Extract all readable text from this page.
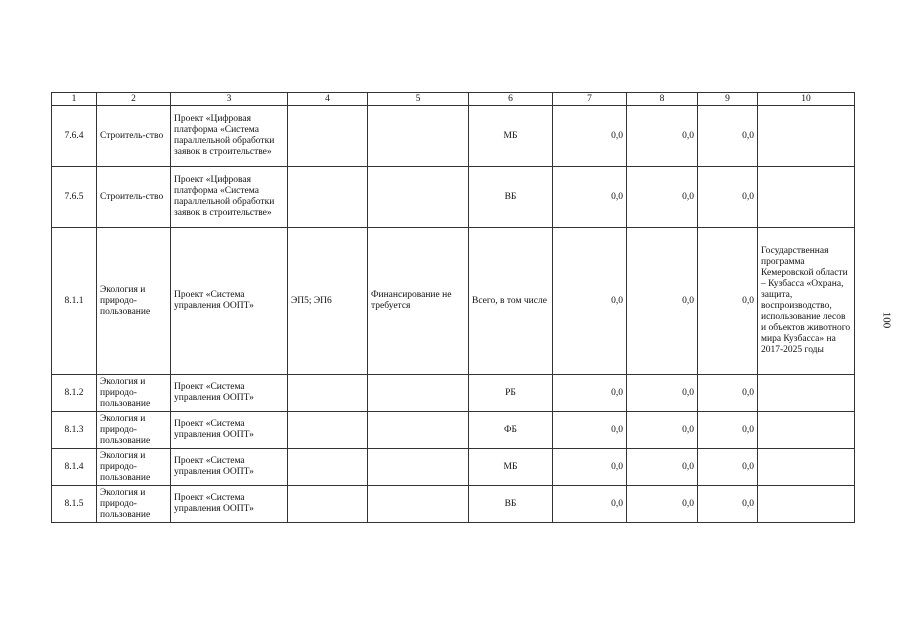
1	2	3	4	5	6	7	8	9	10
7.6.4	Строитель-ство	Проект «Цифровая платформа «Система параллельной обработки заявок в строительстве»			МБ	0,0	0,0	0,0	
7.6.5	Строитель-ство	Проект «Цифровая платформа «Система параллельной обработки заявок в строительстве»			ВБ	0,0	0,0	0,0	
8.1.1	Экология и природо-пользование	Проект «Система управления ООПТ»	ЭП5; ЭП6	Финансирование не требуется	Всего, в том числе	0,0	0,0	0,0	Государственная программа Кемеровской области – Кузбасса «Охрана, защита, воспроизводство, использование лесов и объектов животного мира Кузбасса» на 2017-2025 годы
8.1.2	Экология и природо-пользование	Проект «Система управления ООПТ»			РБ	0,0	0,0	0,0	
8.1.3	Экология и природо-пользование	Проект «Система управления ООПТ»			ФБ	0,0	0,0	0,0	
8.1.4	Экология и природо-пользование	Проект «Система управления ООПТ»			МБ	0,0	0,0	0,0	
8.1.5	Экология и природо-пользование	Проект «Система управления ООПТ»			ВБ	0,0	0,0	0,0	
100
